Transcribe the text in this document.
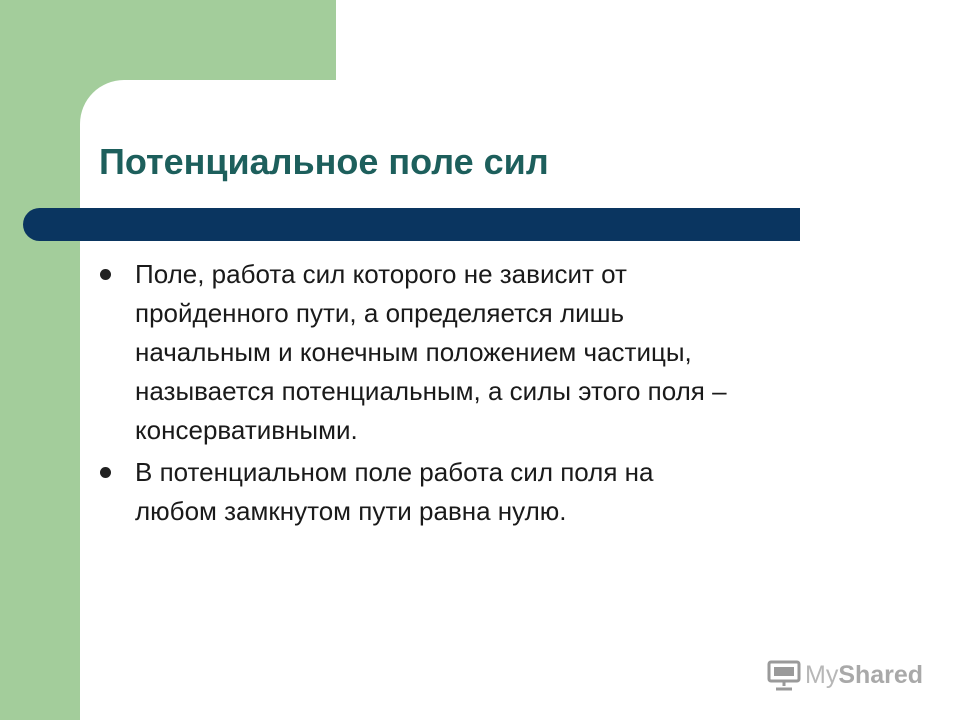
Потенциальное поле сил
Поле, работа сил которого не зависит от
пройденного пути, а определяется лишь
начальным и конечным положением частицы,
называется потенциальным, а силы этого поля –
консервативными.
В потенциальном поле работа сил поля на
любом замкнутом пути равна нулю.
MyShared
